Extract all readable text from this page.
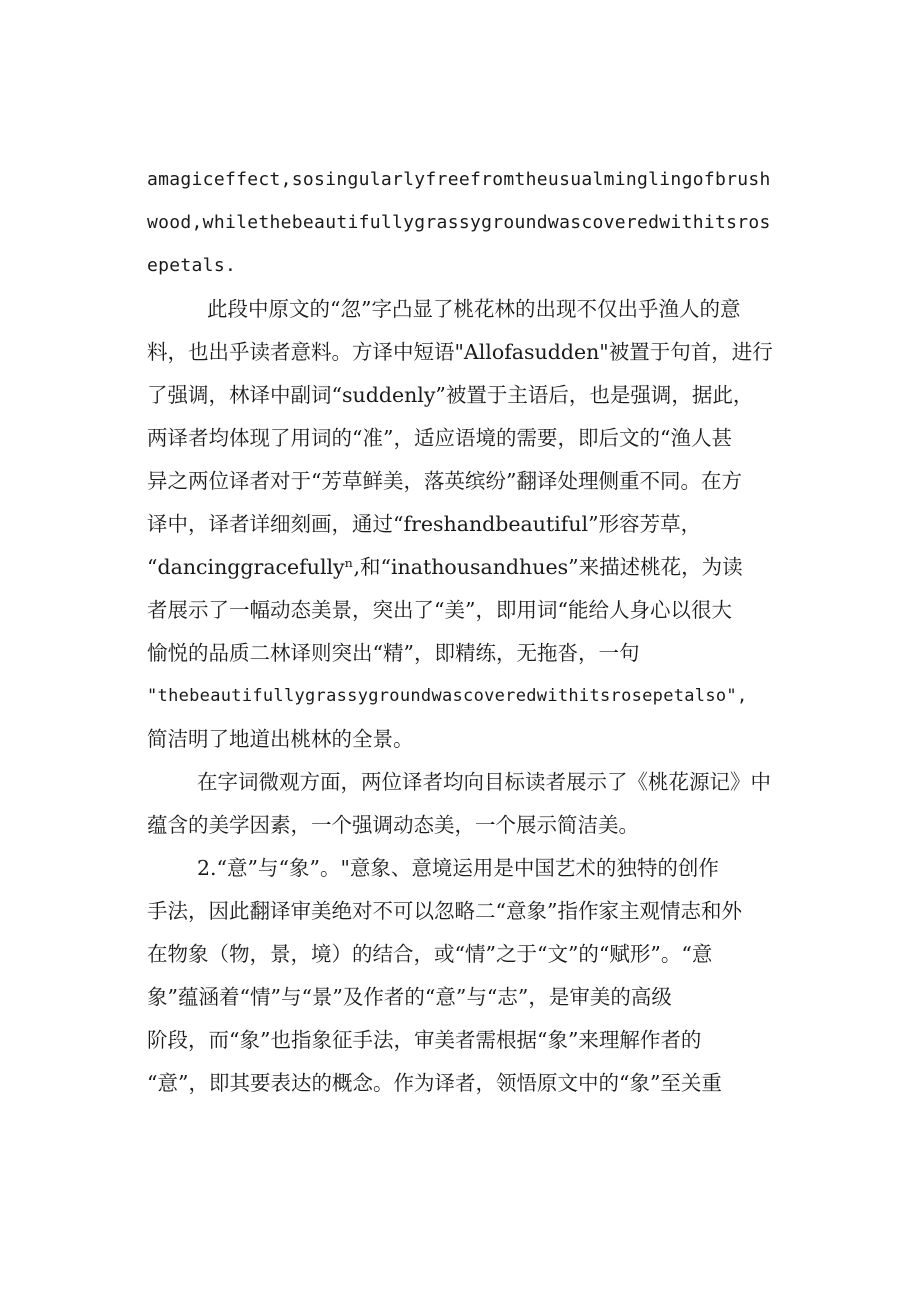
amagiceffect,sosingularlyfreefromtheusualminglingofbrush
wood,whilethebeautifullygrassygroundwascoveredwithitsros
epetals.
此段中原文的“忽”字凸显了桃花林的出现不仅出乎渔人的意
料，也出乎读者意料。方译中短语"Allofasudden"被置于句首，进行
了强调，林译中副词“suddenly”被置于主语后，也是强调，据此，
两译者均体现了用词的“准”，适应语境的需要，即后文的“渔人甚
异之两位译者对于“芳草鲜美，落英缤纷”翻译处理侧重不同。在方
译中，译者详细刻画，通过“freshandbeautiful”形容芳草，
“dancinggracefullyⁿ,和“inathousandhues”来描述桃花，为读
者展示了一幅动态美景，突出了“美”，即用词“能给人身心以很大
愉悦的品质二林译则突出“精”，即精练，无拖沓，一句
"thebeautifullygrassygroundwascoveredwithitsrosepetalso",
简洁明了地道出桃林的全景。
在字词微观方面，两位译者均向目标读者展示了《桃花源记》中
蕴含的美学因素，一个强调动态美，一个展示简洁美。
2.“意”与“象”。"意象、意境运用是中国艺术的独特的创作
手法，因此翻译审美绝对不可以忽略二“意象”指作家主观情志和外
在物象（物，景，境）的结合，或“情”之于“文”的“赋形”。“意
象”蕴涵着“情”与“景”及作者的“意”与“志”，是审美的高级
阶段，而“象”也指象征手法，审美者需根据“象”来理解作者的
“意”，即其要表达的概念。作为译者，领悟原文中的“象”至关重
